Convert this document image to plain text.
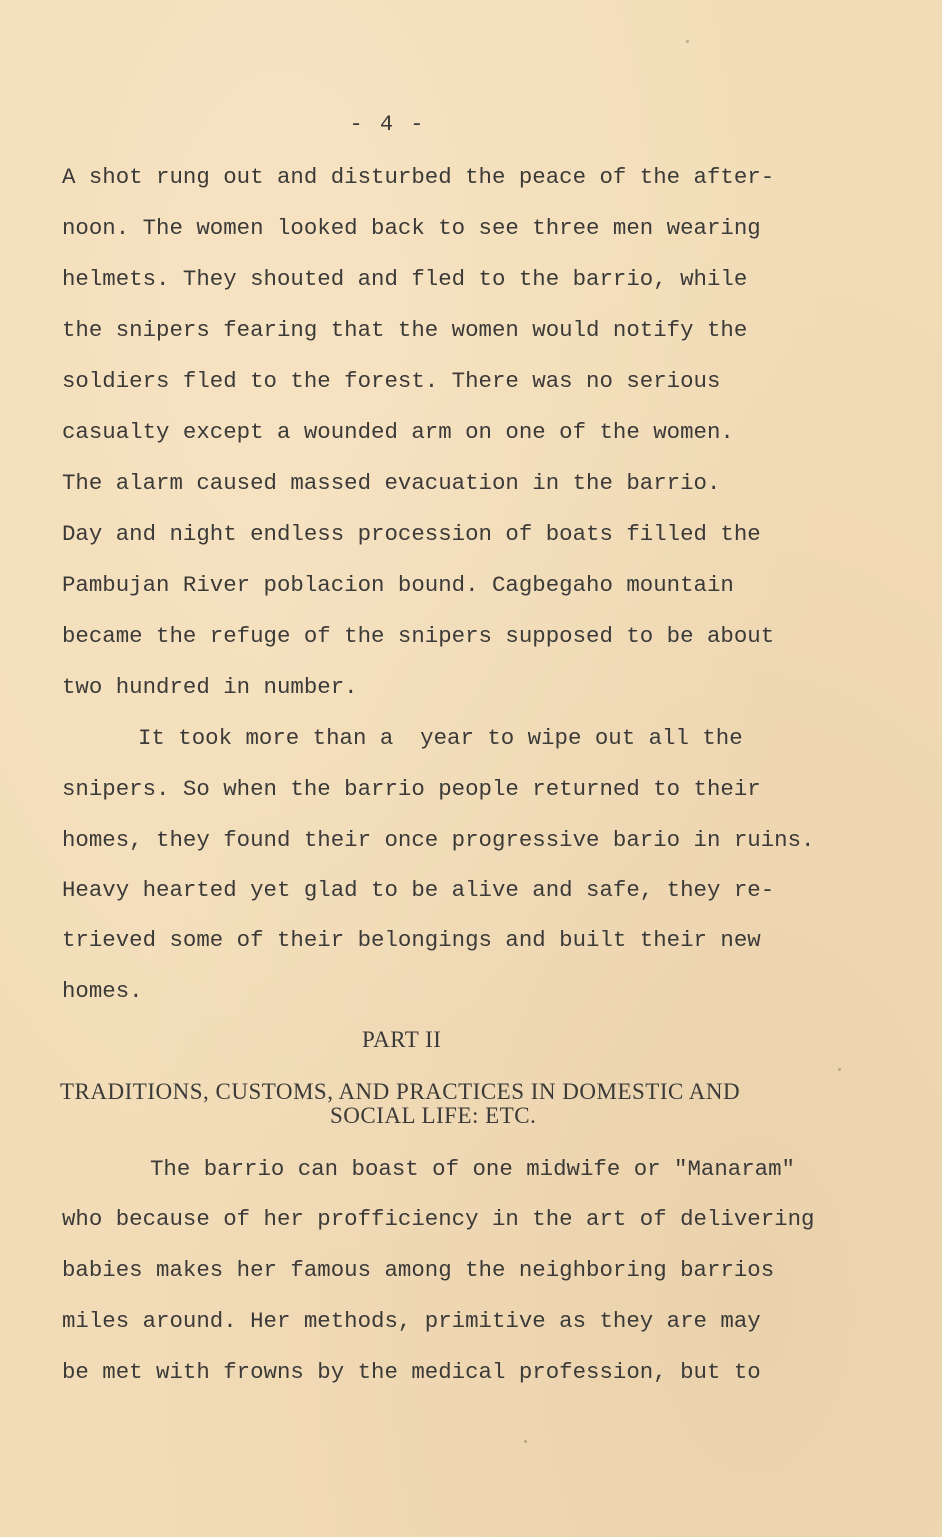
- 4 -
A shot rung out and disturbed the peace of the after-
noon. The women looked back to see three men wearing
helmets. They shouted and fled to the barrio, while
the snipers fearing that the women would notify the
soldiers fled to the forest. There was no serious
casualty except a wounded arm on one of the women.
The alarm caused massed evacuation in the barrio.
Day and night endless procession of boats filled the
Pambujan River poblacion bound. Cagbegaho mountain
became the refuge of the snipers supposed to be about
two hundred in number.
It took more than a  year to wipe out all the
snipers. So when the barrio people returned to their
homes, they found their once progressive bario in ruins.
Heavy hearted yet glad to be alive and safe, they re-
trieved some of their belongings and built their new
homes.
PART II
TRADITIONS, CUSTOMS, AND PRACTICES IN DOMESTIC AND
SOCIAL LIFE: ETC.
The barrio can boast of one midwife or "Manaram"
who because of her profficiency in the art of delivering
babies makes her famous among the neighboring barrios
miles around. Her methods, primitive as they are may
be met with frowns by the medical profession, but to
